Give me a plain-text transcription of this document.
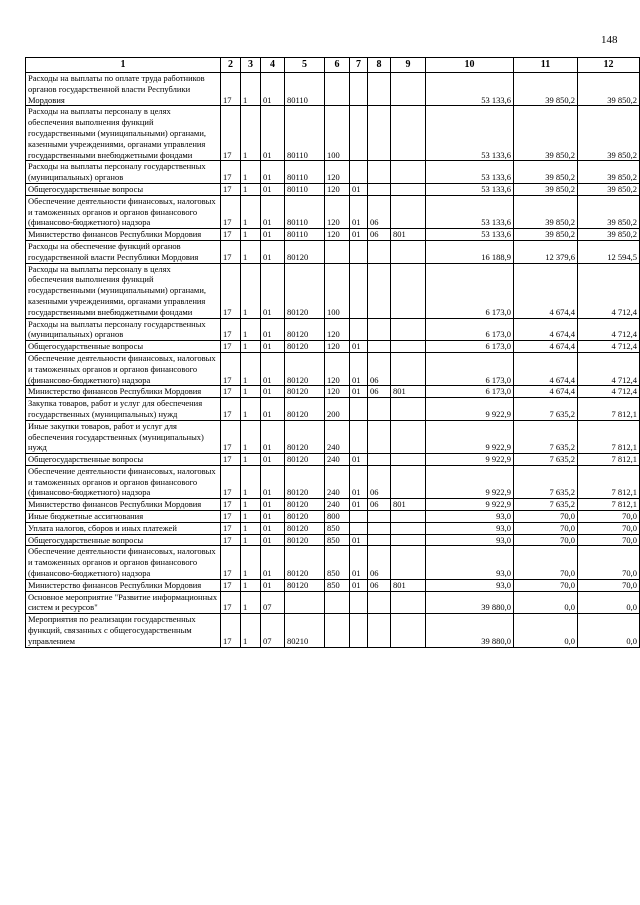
148
1	2	3	4	5	6	7	8	9	10	11	12
Расходы на выплаты по оплате труда работников органов государственной власти Республики Мордовия	17	1	01	80110					53 133,6	39 850,2	39 850,2
Расходы на выплаты персоналу в целях обеспечения выполнения функций государственными (муниципальными) органами, казенными учреждениями, органами управления государственными внебюджетными фондами	17	1	01	80110	100				53 133,6	39 850,2	39 850,2
Расходы на выплаты персоналу государственных (муниципальных) органов	17	1	01	80110	120				53 133,6	39 850,2	39 850,2
Общегосударственные вопросы	17	1	01	80110	120	01			53 133,6	39 850,2	39 850,2
Обеспечение деятельности финансовых, налоговых и таможенных органов и органов финансового (финансово-бюджетного) надзора	17	1	01	80110	120	01	06		53 133,6	39 850,2	39 850,2
Министерство финансов Республики Мордовия	17	1	01	80110	120	01	06	801	53 133,6	39 850,2	39 850,2
Расходы на обеспечение функций органов государственной власти Республики Мордовия	17	1	01	80120					16 188,9	12 379,6	12 594,5
Расходы на выплаты персоналу в целях обеспечения выполнения функций государственными (муниципальными) органами, казенными учреждениями, органами управления государственными внебюджетными фондами	17	1	01	80120	100				6 173,0	4 674,4	4 712,4
Расходы на выплаты персоналу государственных (муниципальных) органов	17	1	01	80120	120				6 173,0	4 674,4	4 712,4
Общегосударственные вопросы	17	1	01	80120	120	01			6 173,0	4 674,4	4 712,4
Обеспечение деятельности финансовых, налоговых и таможенных органов и органов финансового (финансово-бюджетного) надзора	17	1	01	80120	120	01	06		6 173,0	4 674,4	4 712,4
Министерство финансов Республики Мордовия	17	1	01	80120	120	01	06	801	6 173,0	4 674,4	4 712,4
Закупка товаров, работ и услуг для обеспечения государственных (муниципальных) нужд	17	1	01	80120	200				9 922,9	7 635,2	7 812,1
Иные закупки товаров, работ и услуг для обеспечения государственных (муниципальных) нужд	17	1	01	80120	240				9 922,9	7 635,2	7 812,1
Общегосударственные вопросы	17	1	01	80120	240	01			9 922,9	7 635,2	7 812,1
Обеспечение деятельности финансовых, налоговых и таможенных органов и органов финансового (финансово-бюджетного) надзора	17	1	01	80120	240	01	06		9 922,9	7 635,2	7 812,1
Министерство финансов Республики Мордовия	17	1	01	80120	240	01	06	801	9 922,9	7 635,2	7 812,1
Иные бюджетные ассигнования	17	1	01	80120	800				93,0	70,0	70,0
Уплата налогов, сборов и иных платежей	17	1	01	80120	850				93,0	70,0	70,0
Общегосударственные вопросы	17	1	01	80120	850	01			93,0	70,0	70,0
Обеспечение деятельности финансовых, налоговых и таможенных органов и органов финансового (финансово-бюджетного) надзора	17	1	01	80120	850	01	06		93,0	70,0	70,0
Министерство финансов Республики Мордовия	17	1	01	80120	850	01	06	801	93,0	70,0	70,0
Основное мероприятие "Развитие информационных систем и ресурсов"	17	1	07						39 880,0	0,0	0,0
Мероприятия по реализации государственных функций, связанных с общегосударственным управлением	17	1	07	80210					39 880,0	0,0	0,0
